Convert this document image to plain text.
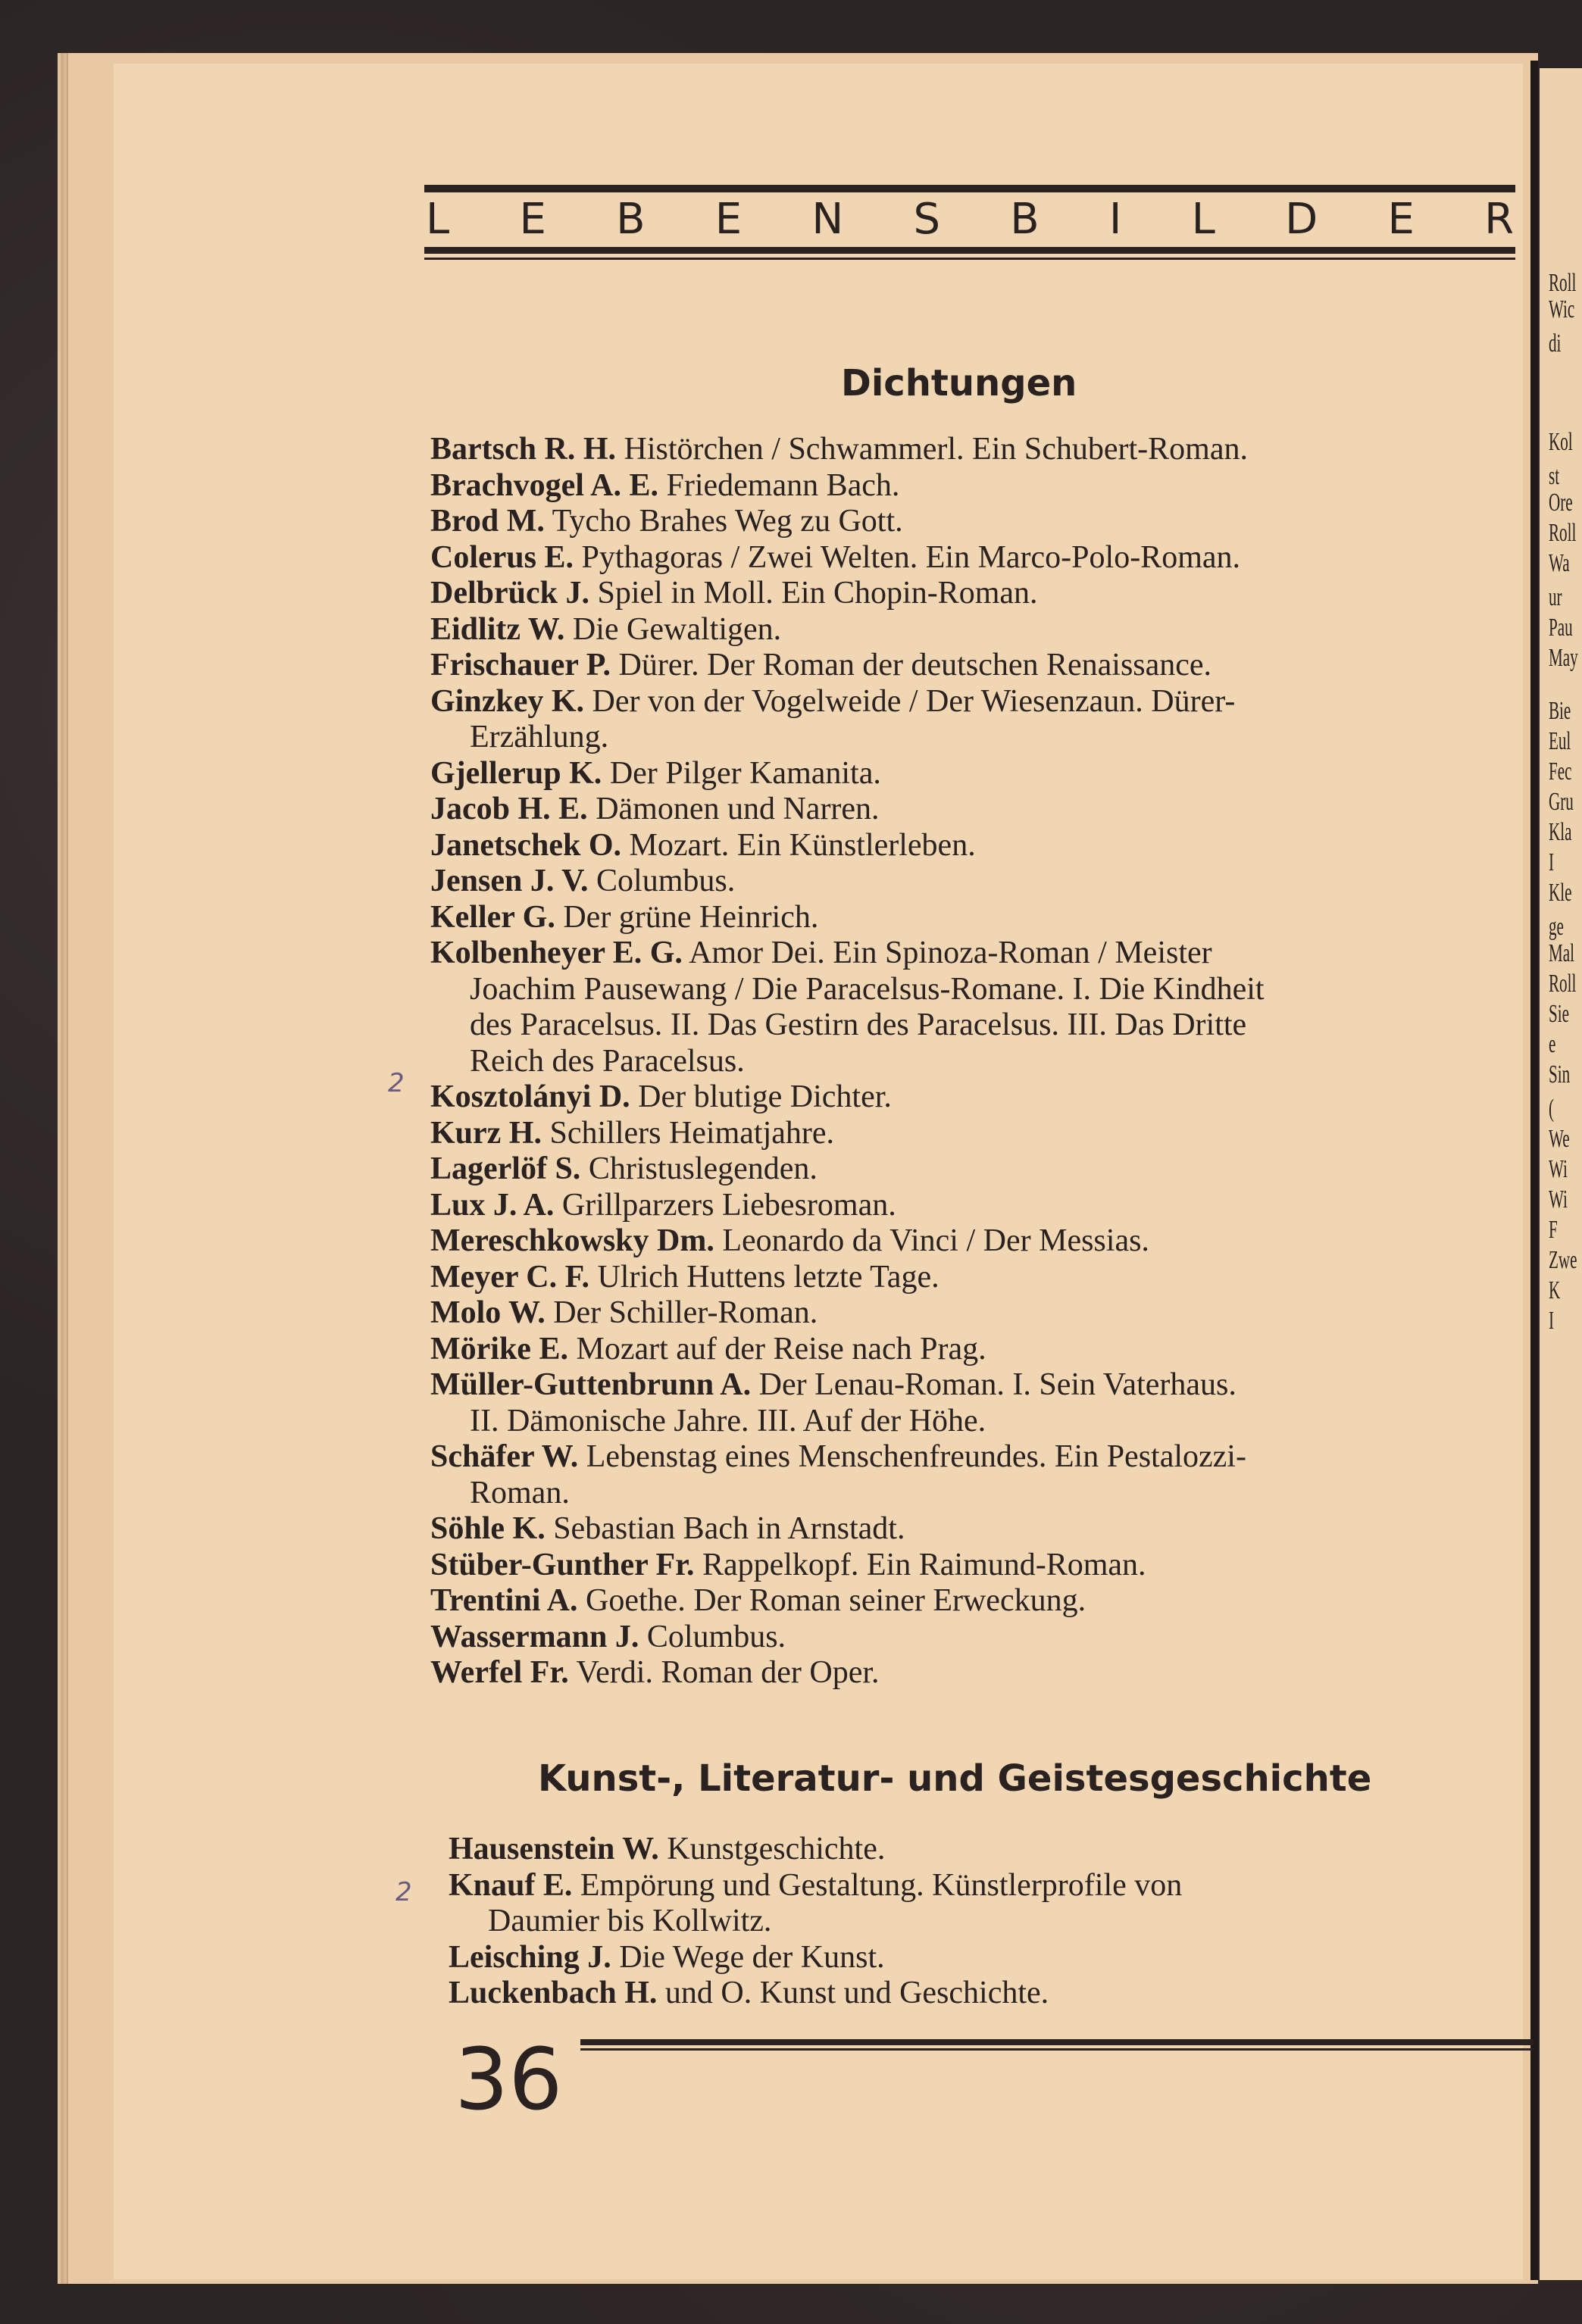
Roll
Wic
di
Kol
st
Ore
Roll
Wa
ur
Pau
May
Bie
Eul
Fec
Gru
Kla
I
Kle
ge
Mal
Roll
Sie
e
Sin
(
We
Wi
Wi
F
Zwe
K
I
L E B E N S B I L D E R
Dichtungen
Bartsch R. H. Histörchen / Schwammerl. Ein Schubert-Roman.
Brachvogel A. E. Friedemann Bach.
Brod M. Tycho Brahes Weg zu Gott.
Colerus E. Pythagoras / Zwei Welten. Ein Marco-Polo-Roman.
Delbrück J. Spiel in Moll. Ein Chopin-Roman.
Eidlitz W. Die Gewaltigen.
Frischauer P. Dürer. Der Roman der deutschen Renaissance.
Ginzkey K. Der von der Vogelweide / Der Wiesenzaun. Dürer-
Erzählung.
Gjellerup K. Der Pilger Kamanita.
Jacob H. E. Dämonen und Narren.
Janetschek O. Mozart. Ein Künstlerleben.
Jensen J. V. Columbus.
Keller G. Der grüne Heinrich.
Kolbenheyer E. G. Amor Dei. Ein Spinoza-Roman / Meister
Joachim Pausewang / Die Paracelsus-Romane. I. Die Kindheit
des Paracelsus. II. Das Gestirn des Paracelsus. III. Das Dritte
Reich des Paracelsus.
Kosztolányi D. Der blutige Dichter.
Kurz H. Schillers Heimatjahre.
Lagerlöf S. Christuslegenden.
Lux J. A. Grillparzers Liebesroman.
Mereschkowsky Dm. Leonardo da Vinci / Der Messias.
Meyer C. F. Ulrich Huttens letzte Tage.
Molo W. Der Schiller-Roman.
Mörike E. Mozart auf der Reise nach Prag.
Müller-Guttenbrunn A. Der Lenau-Roman. I. Sein Vaterhaus.
II. Dämonische Jahre. III. Auf der Höhe.
Schäfer W. Lebenstag eines Menschenfreundes. Ein Pestalozzi-
Roman.
Söhle K. Sebastian Bach in Arnstadt.
Stüber-Gunther Fr. Rappelkopf. Ein Raimund-Roman.
Trentini A. Goethe. Der Roman seiner Erweckung.
Wassermann J. Columbus.
Werfel Fr. Verdi. Roman der Oper.
Kunst-, Literatur- und Geistesgeschichte
Hausenstein W. Kunstgeschichte.
Knauf E. Empörung und Gestaltung. Künstlerprofile von
Daumier bis Kollwitz.
Leisching J. Die Wege der Kunst.
Luckenbach H. und O. Kunst und Geschichte.
2
2
36
